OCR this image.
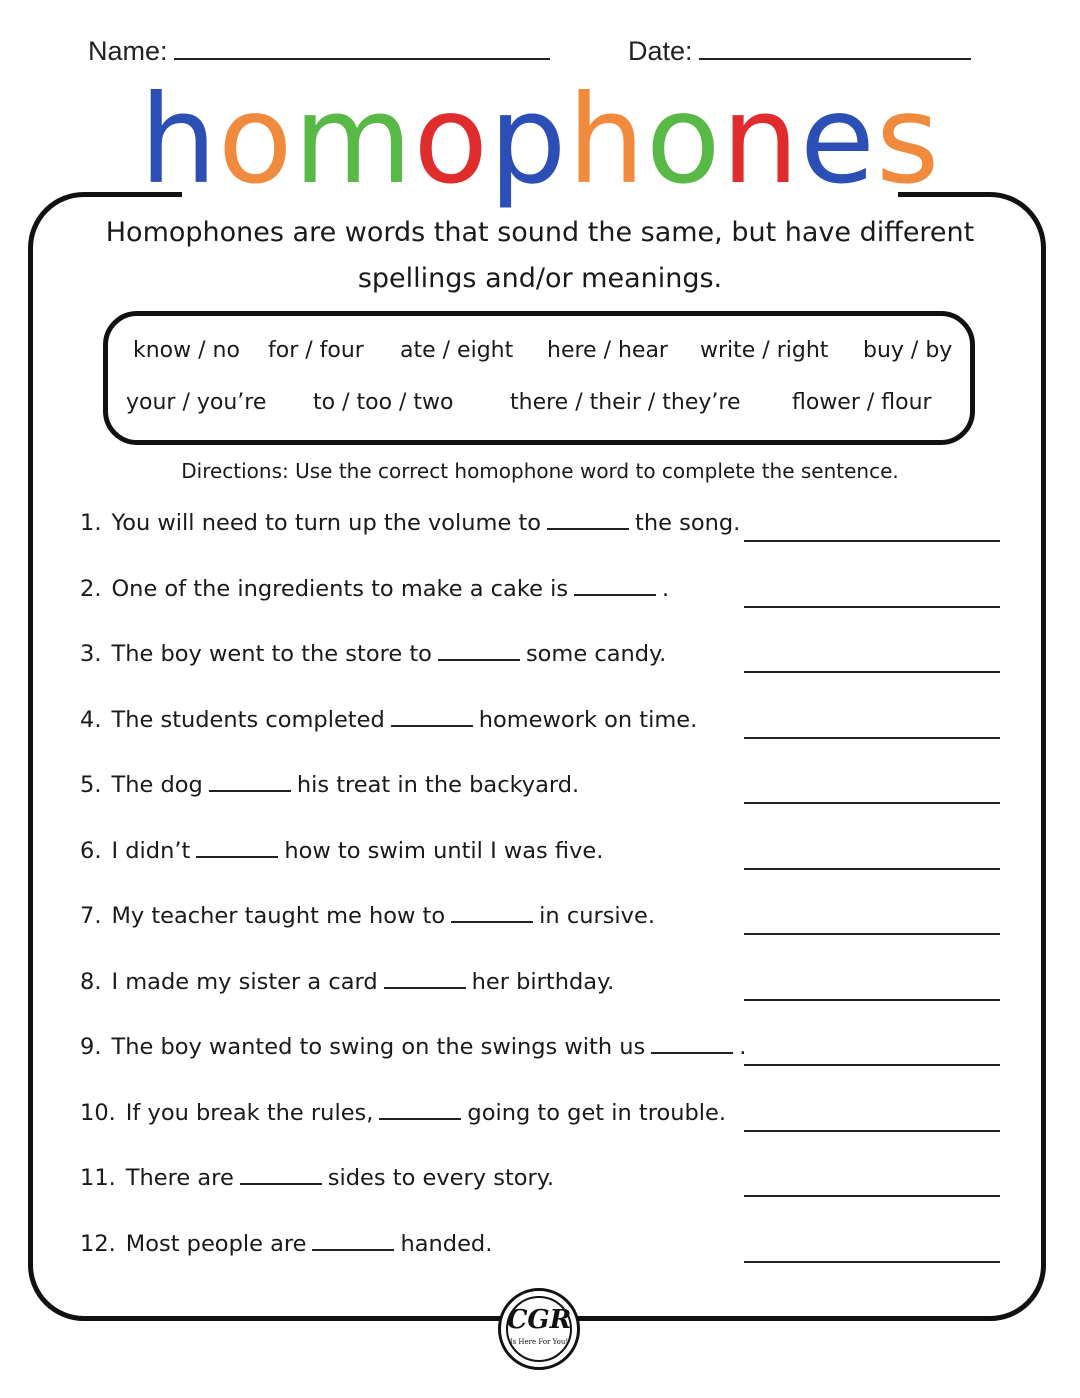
Name:	Date:
homophones
Homophones are words that sound the same, but have different
spellings and/or meanings.
know / no for / four ate / eight here / hear write / right buy / by
your / you’re to / too / two	there / their / they’re flower / flour
Directions: Use the correct homophone word to complete the sentence.
1. You will need to turn up the volume to	the song.
2. One of the ingredients to make a cake is	.
3. The boy went to the store to	some candy.
4. The students completed	homework on time.
5. The dog	his treat in the backyard.
6. I didn’t	how to swim until I was five.
7. My teacher taught me how to	in cursive.
8. I made my sister a card	her birthday.
9. The boy wanted to swing on the swings with us	.
10. If you break the rules,	going to get in trouble.
11. There are	sides to every story.
12. Most people are	handed.
CGR
Is Here For You!
